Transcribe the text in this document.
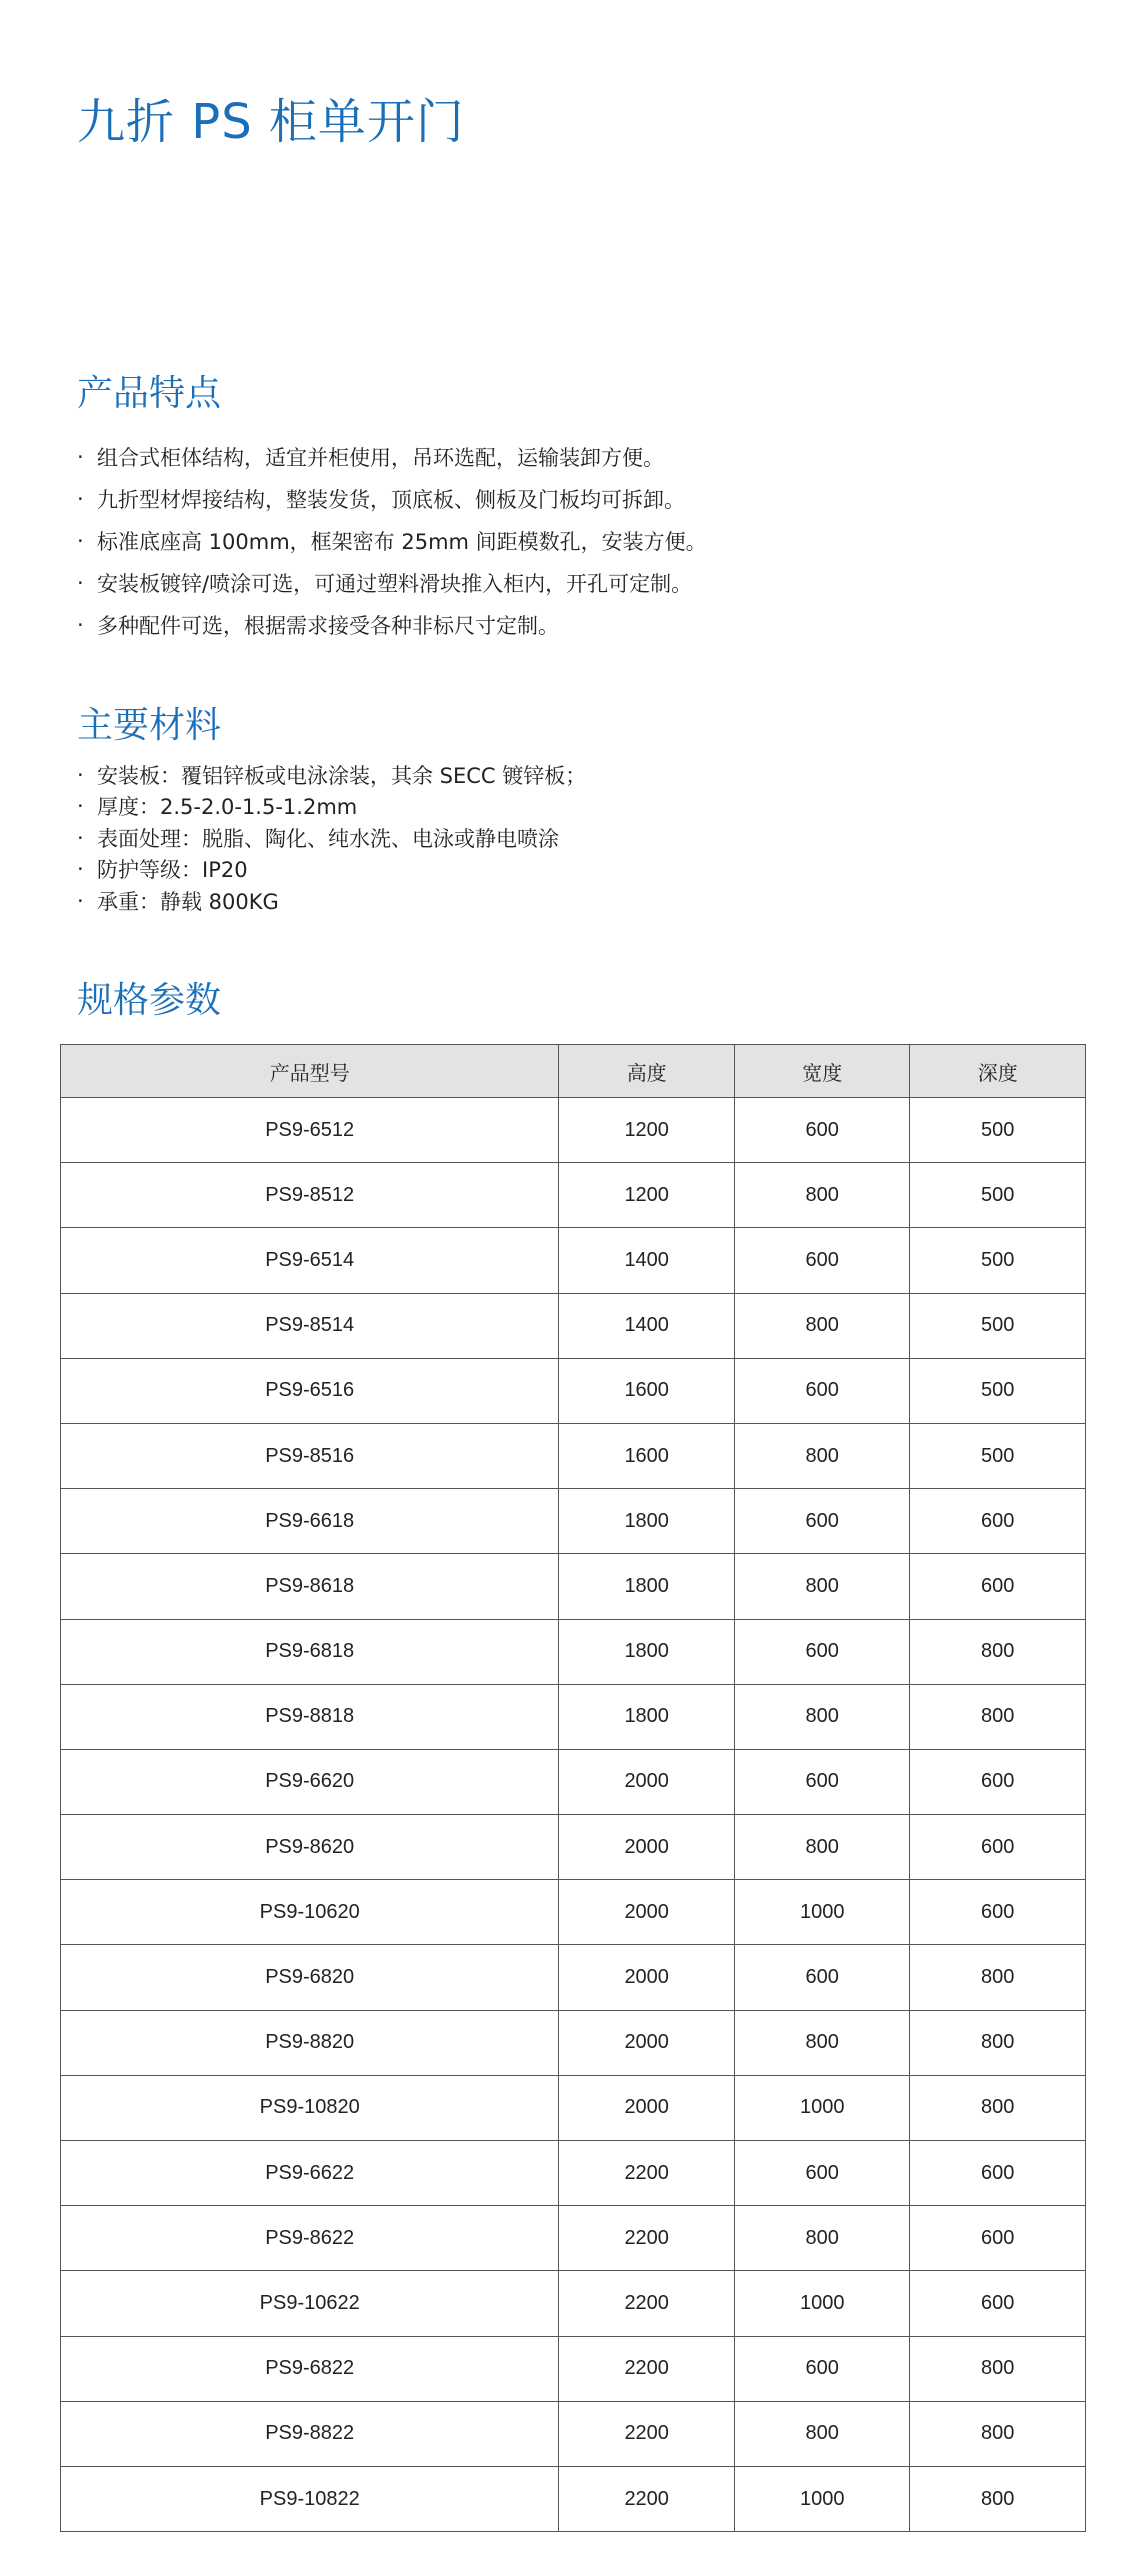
九折 PS 柜单开门
产品特点
· 组合式柜体结构，适宜并柜使用，吊环选配，运输装卸方便。
· 九折型材焊接结构，整装发货，顶底板、侧板及门板均可拆卸。
· 标准底座高 100mm，框架密布 25mm 间距模数孔，安装方便。
· 安装板镀锌/喷涂可选，可通过塑料滑块推入柜内，开孔可定制。
· 多种配件可选，根据需求接受各种非标尺寸定制。
主要材料
· 安装板：覆铝锌板或电泳涂装，其余 SECC 镀锌板；
· 厚度：2.5-2.0-1.5-1.2mm
· 表面处理：脱脂、陶化、纯水洗、电泳或静电喷涂
· 防护等级：IP20
· 承重：静载 800KG
规格参数
产品型号	高度	宽度	深度
PS9-6512	1200	600	500
PS9-8512	1200	800	500
PS9-6514	1400	600	500
PS9-8514	1400	800	500
PS9-6516	1600	600	500
PS9-8516	1600	800	500
PS9-6618	1800	600	600
PS9-8618	1800	800	600
PS9-6818	1800	600	800
PS9-8818	1800	800	800
PS9-6620	2000	600	600
PS9-8620	2000	800	600
PS9-10620	2000	1000	600
PS9-6820	2000	600	800
PS9-8820	2000	800	800
PS9-10820	2000	1000	800
PS9-6622	2200	600	600
PS9-8622	2200	800	600
PS9-10622	2200	1000	600
PS9-6822	2200	600	800
PS9-8822	2200	800	800
PS9-10822	2200	1000	800
